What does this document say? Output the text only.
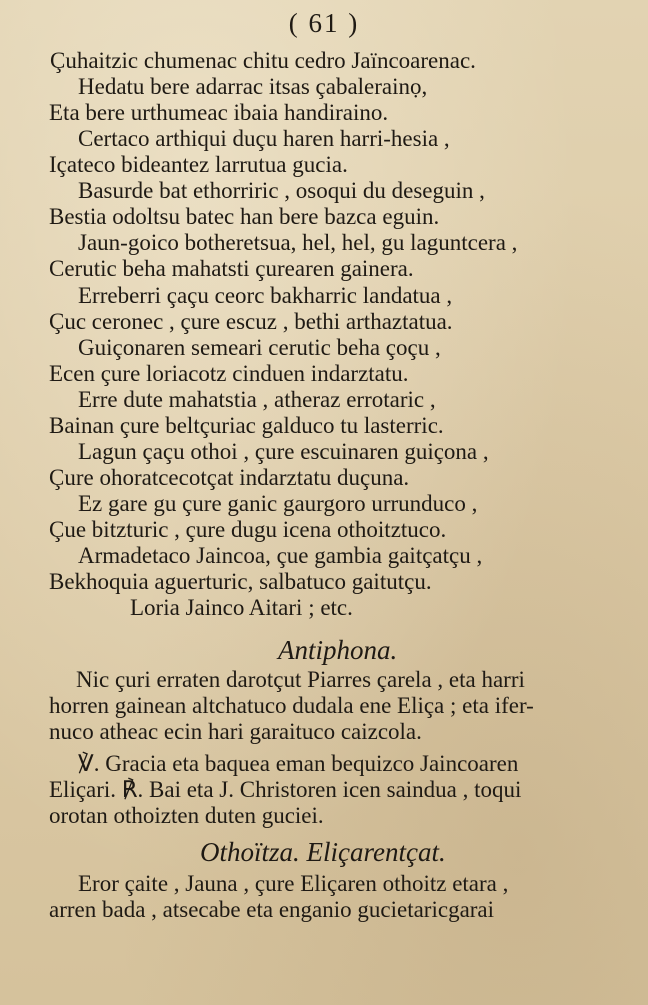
( 61 )
Çuhaitzic chumenac chitu cedro Jaïncoarenac.
Hedatu bere adarrac itsas çabalerainọ,
Eta bere urthumeac ibaia handiraino.
Certaco arthiqui duçu haren harri-hesia ,
Içateco bideantez larrutua gucia.
Basurde bat ethorriric , osoqui du deseguin ,
Bestia odoltsu batec han bere bazca eguin.
Jaun-goico botheretsua, hel, hel, gu laguntcera ,
Cerutic beha mahatsti çurearen gainera.
Erreberri çaçu ceorc bakharric landatua ,
Çuc ceronec , çure escuz , bethi arthaztatua.
Guiçonaren semeari cerutic beha çoçu ,
Ecen çure loriacotz cinduen indarztatu.
Erre dute mahatstia , atheraz errotaric ,
Bainan çure beltçuriac galduco tu lasterric.
Lagun çaçu othoi , çure escuinaren guiçona ,
Çure ohoratcecotçat indarztatu duçuna.
Ez gare gu çure ganic gaurgoro urrunduco ,
Çue bitzturic , çure dugu icena othoitztuco.
Armadetaco Jaincoa, çue gambia gaitçatçu ,
Bekhoquia aguerturic, salbatuco gaitutçu.
Loria Jainco Aitari ; etc.
Antiphona.
Nic çuri erraten darotçut Piarres çarela , eta harri
horren gainean altchatuco dudala ene Eliça ; eta ifer-
nuco atheac ecin hari garaituco caizcola.
℣. Gracia eta baquea eman bequizco Jaincoaren
Eliçari. ℟. Bai eta J. Christoren icen saindua , toqui
orotan othoizten duten guciei.
Othoïtza. Eliçarentçat.
Eror çaite , Jauna , çure Eliçaren othoitz etara ,
arren bada , atsecabe eta enganio gucietaricgarai
